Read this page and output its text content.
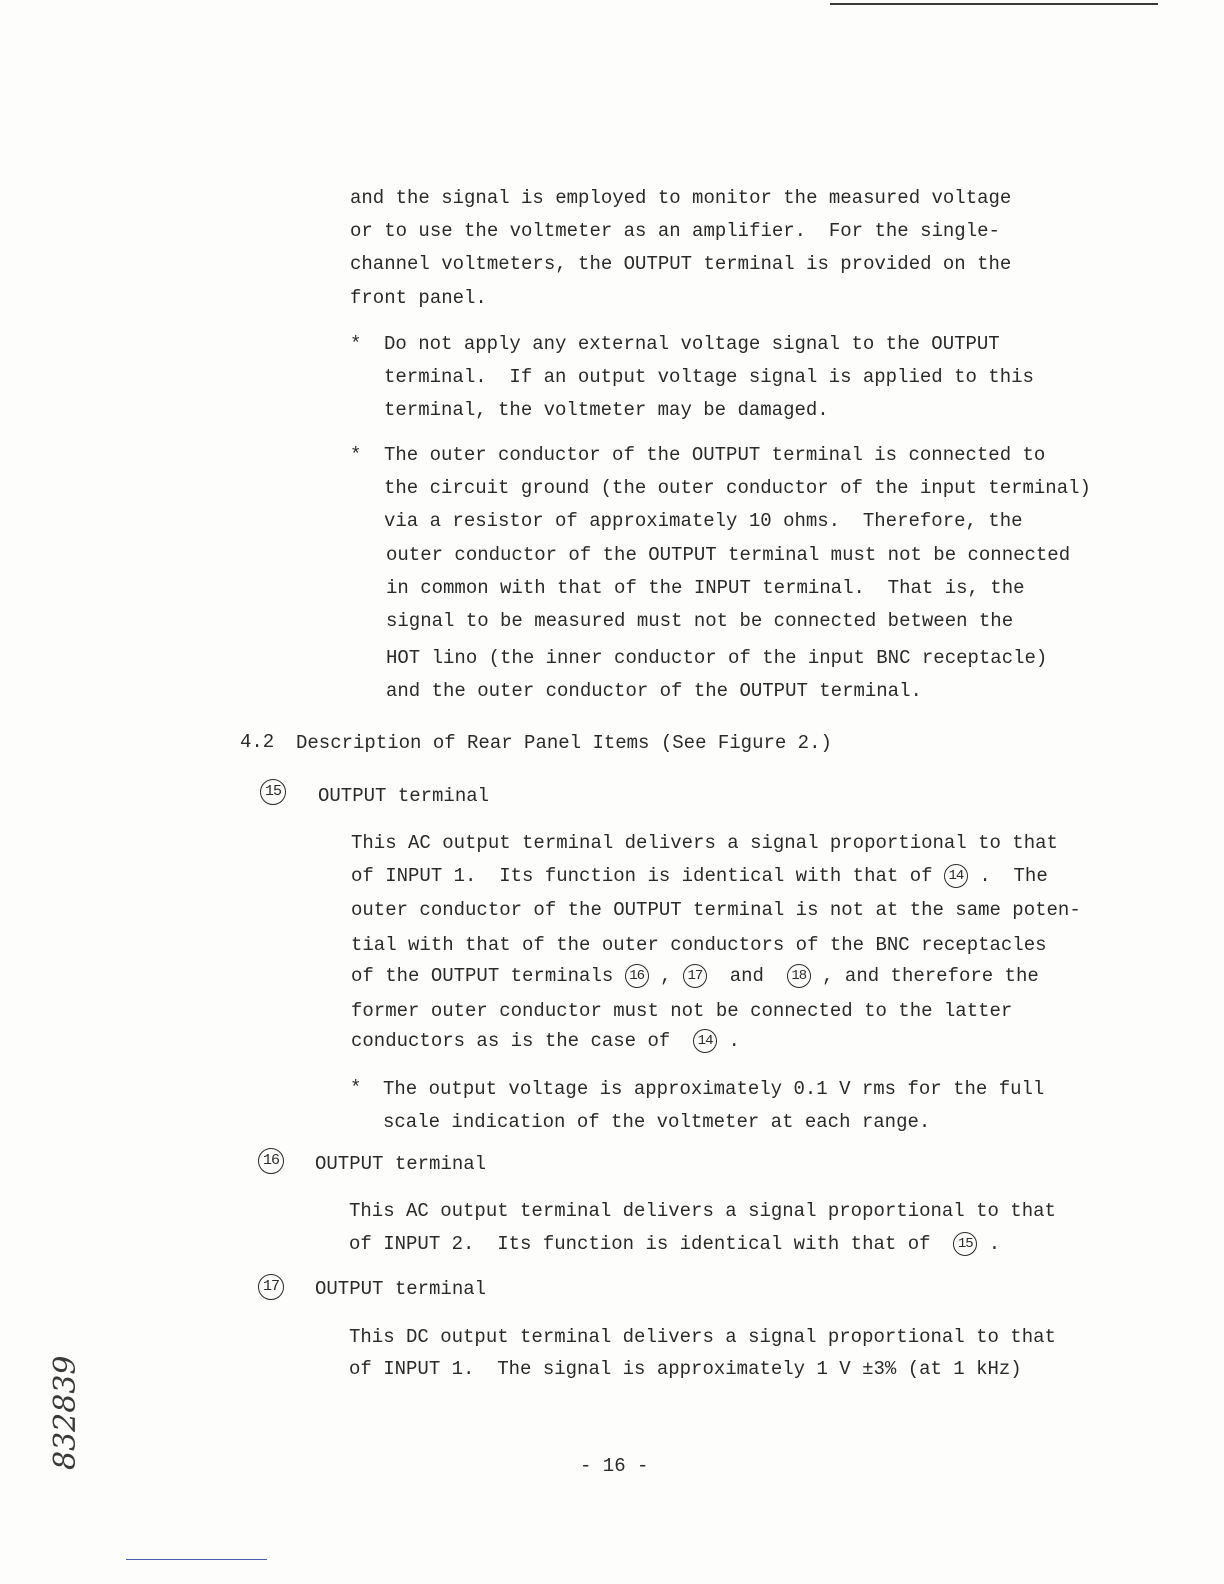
and the signal is employed to monitor the measured voltage
or to use the voltmeter as an amplifier.  For the single-
channel voltmeters, the OUTPUT terminal is provided on the
front panel.
* Do not apply any external voltage signal to the OUTPUT
terminal.  If an output voltage signal is applied to this
terminal, the voltmeter may be damaged.
* The outer conductor of the OUTPUT terminal is connected to
the circuit ground (the outer conductor of the input terminal)
via a resistor of approximately 10 ohms.  Therefore, the
outer conductor of the OUTPUT terminal must not be connected
in common with that of the INPUT terminal.  That is, the
signal to be measured must not be connected between the
HOT lino (the inner conductor of the input BNC receptacle)
and the outer conductor of the OUTPUT terminal.
4.2 Description of Rear Panel Items (See Figure 2.)
15 OUTPUT terminal
This AC output terminal delivers a signal proportional to that
of INPUT 1.  Its function is identical with that of 14 .  The
outer conductor of the OUTPUT terminal is not at the same poten-
tial with that of the outer conductors of the BNC receptacles
of the OUTPUT terminals 16 , 17 and 18 , and therefore the
former outer conductor must not be connected to the latter
conductors as is the case of 14 .
* The output voltage is approximately 0.1 V rms for the full
scale indication of the voltmeter at each range.
16 OUTPUT terminal
This AC output terminal delivers a signal proportional to that
of INPUT 2.  Its function is identical with that of 15 .
17 OUTPUT terminal
This DC output terminal delivers a signal proportional to that
of INPUT 1.  The signal is approximately 1 V ±3% (at 1 kHz)
- 16 -
832839
